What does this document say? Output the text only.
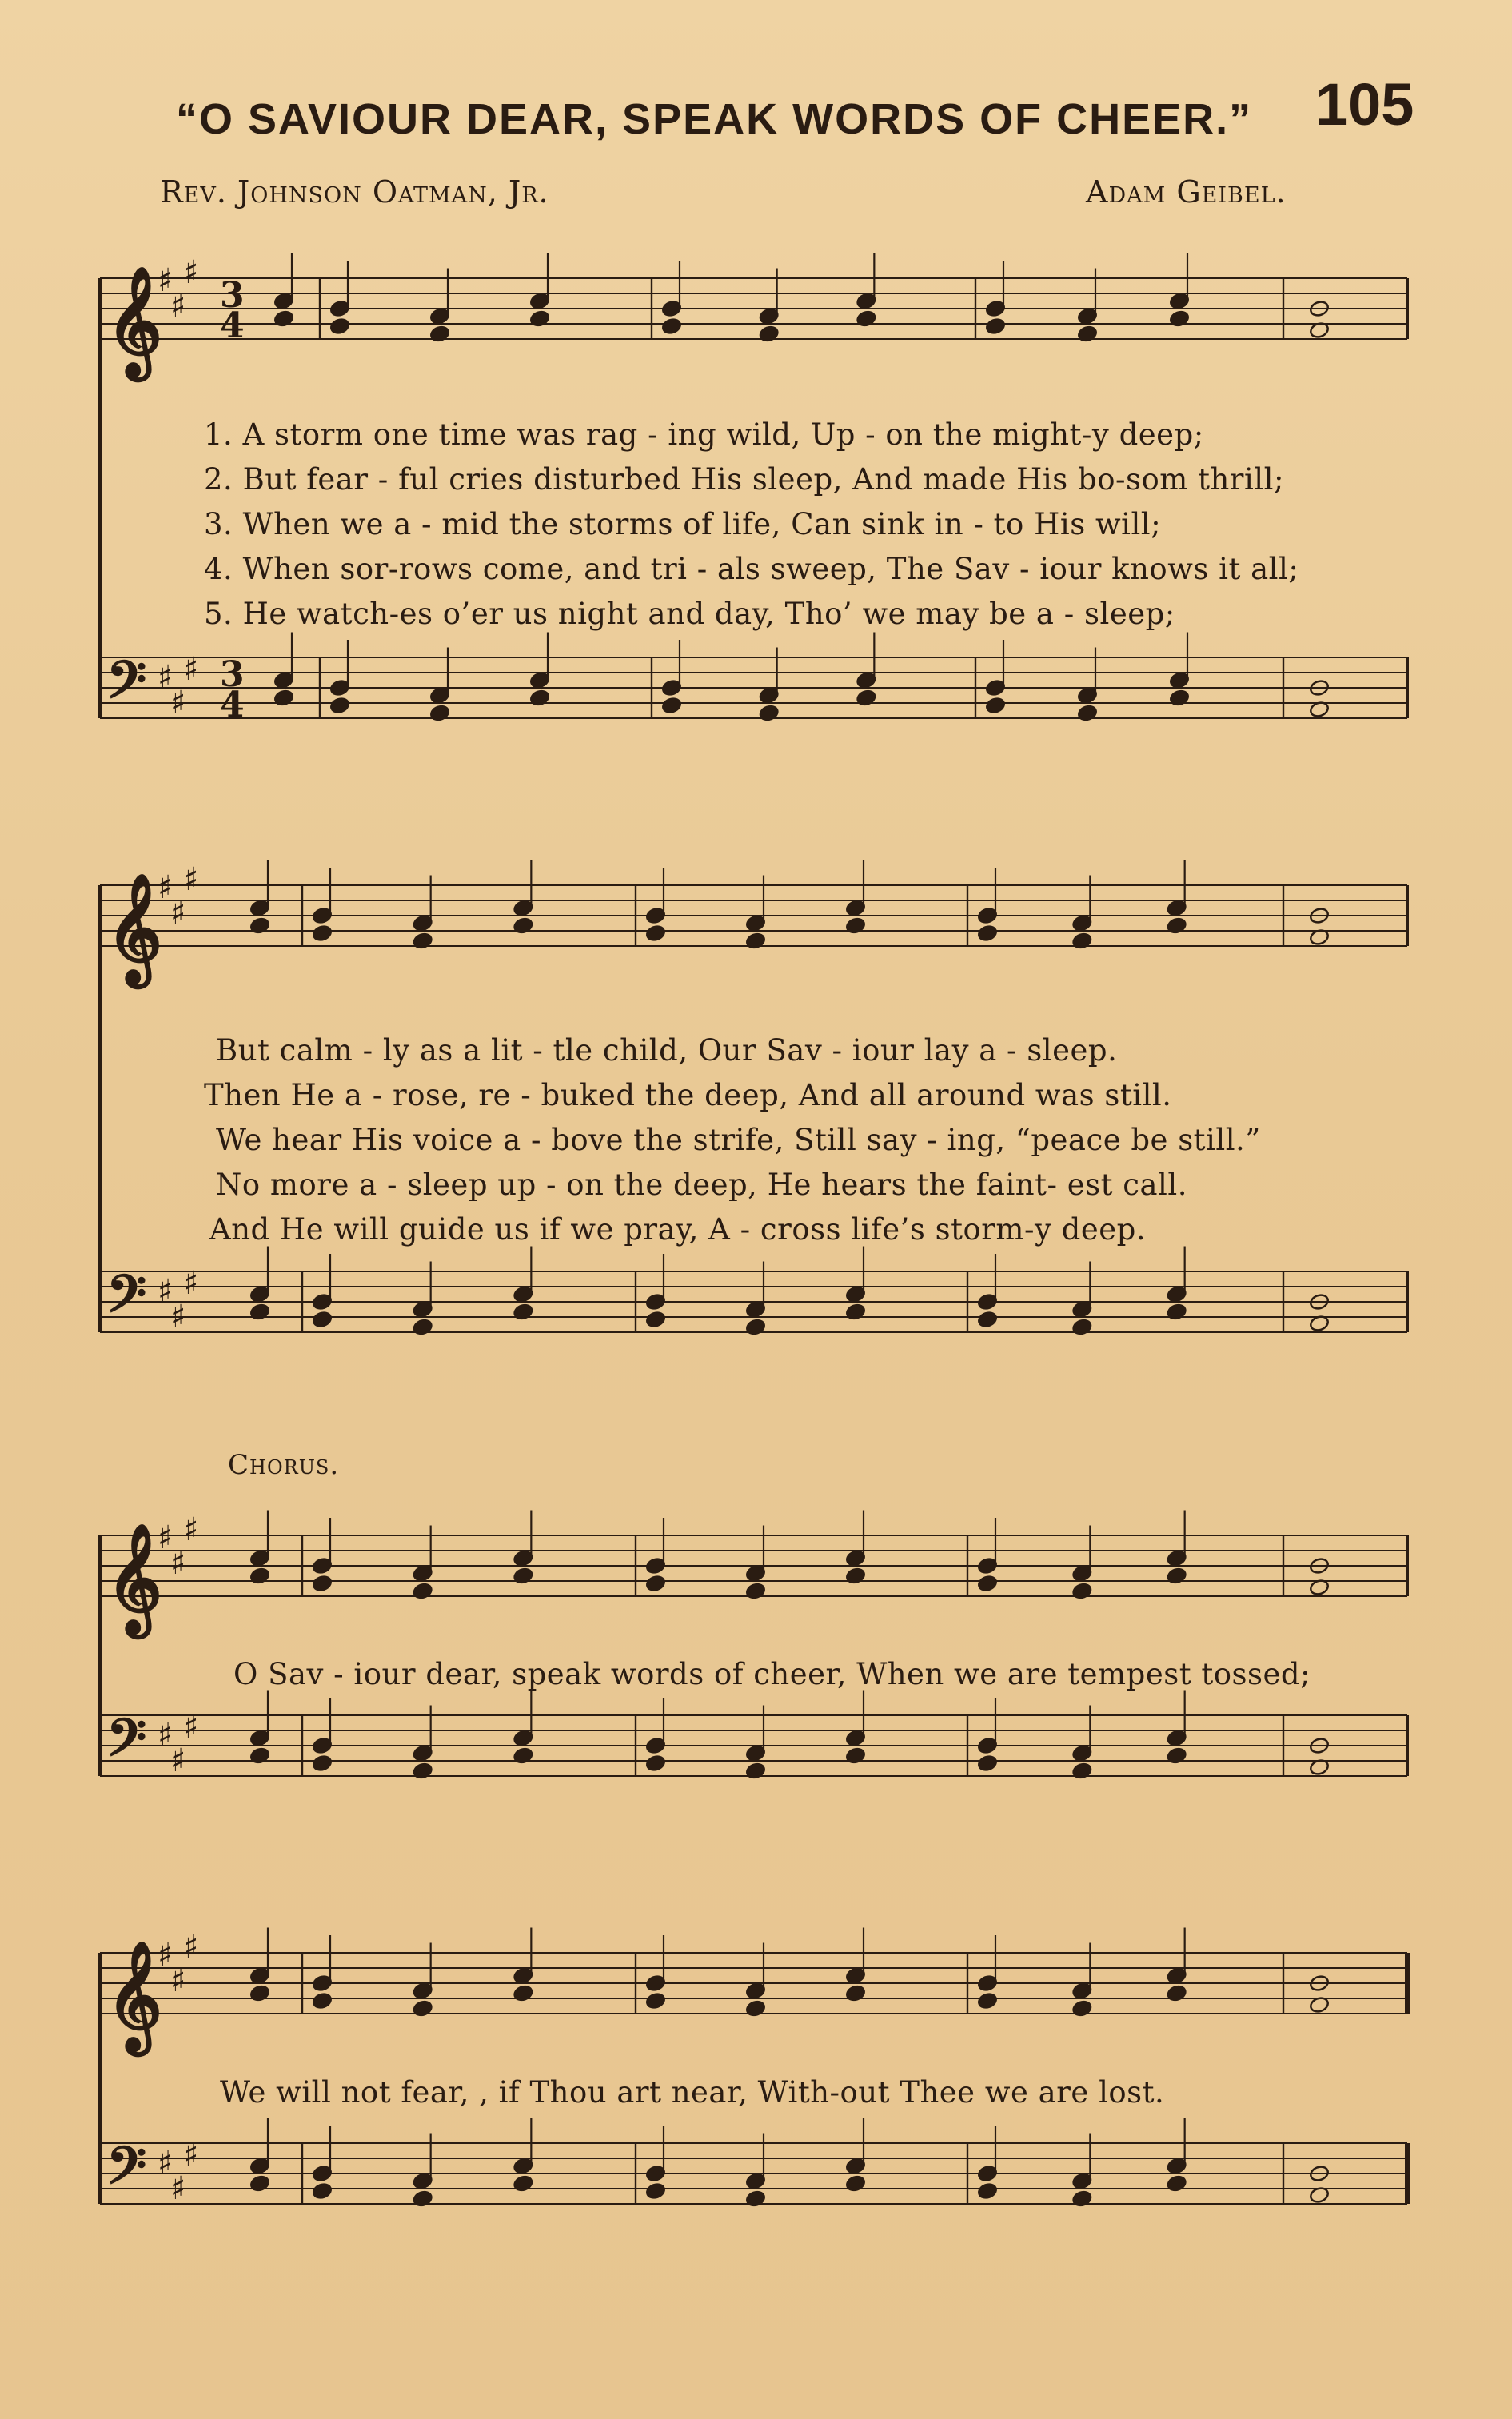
“O SAVIOUR DEAR, SPEAK WORDS OF CHEER.” 105
Rev. Johnson Oatman, Jr.	Adam Geibel.
𝄞
♯
♯
♯
3
4
𝄢 ♯
♯
♯ 3
4
𝄞
♯
♯
♯
𝄢 ♯
♯
♯
𝄞
♯
♯
♯
𝄢 ♯
♯
♯
𝄞
♯
♯
♯
𝄢 ♯
♯
♯
1. A storm one time was rag - ing wild, Up - on the might-y deep;
2. But fear - ful cries disturbed His sleep, And made His bo-som thrill;
3. When we a - mid the storms of life, Can sink in - to His will;
4. When sor-rows come, and tri - als sweep, The Sav - iour knows it all;
5. He watch-es o’er us night and day, Tho’ we may be a - sleep;
But calm - ly as a lit - tle child, Our Sav - iour lay a - sleep.
Then He a - rose, re - buked the deep, And all around was still.
We hear His voice a - bove the strife, Still say - ing, “peace be still.”
No more a - sleep up - on the deep, He hears the faint- est call.
And He will guide us if we pray, A - cross life’s storm-y deep.
Chorus.
O Sav - iour dear, speak words of cheer, When we are tempest tossed;
We will not fear, , if Thou art near, With-out Thee we are lost.
